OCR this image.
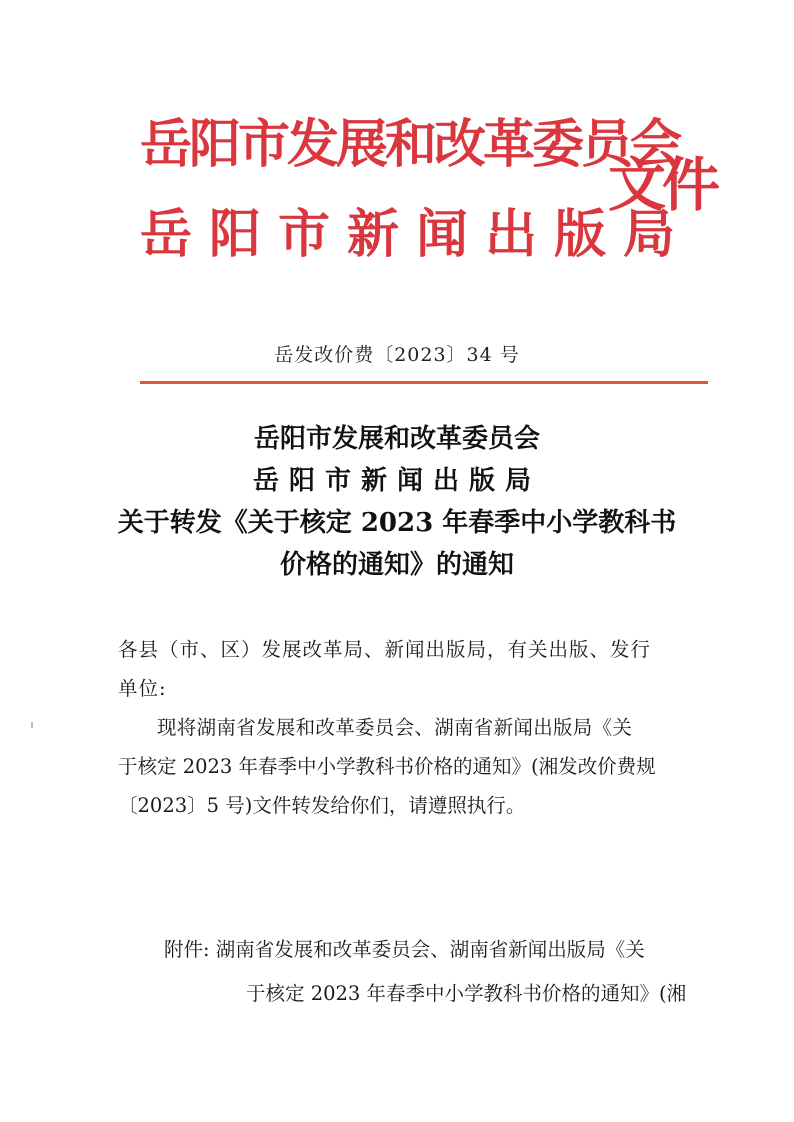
岳阳市发展和改革委员会
岳阳市新闻出版局
文件
岳发改价费〔2023〕34 号
岳阳市发展和改革委员会
岳阳市新闻出版局
关于转发《关于核定 2023 年春季中小学教科书
价格的通知》的通知

各县（市、区）发展改革局、新闻出版局，有关出版、发行

单位:

现将湖南省发展和改革委员会、湖南省新闻出版局《关

于核定 2023 年春季中小学教科书价格的通知》(湘发改价费规

〔2023〕5 号)文件转发给你们，请遵照执行。

附件: 湖南省发展和改革委员会、湖南省新闻出版局《关
于核定 2023 年春季中小学教科书价格的通知》(湘
